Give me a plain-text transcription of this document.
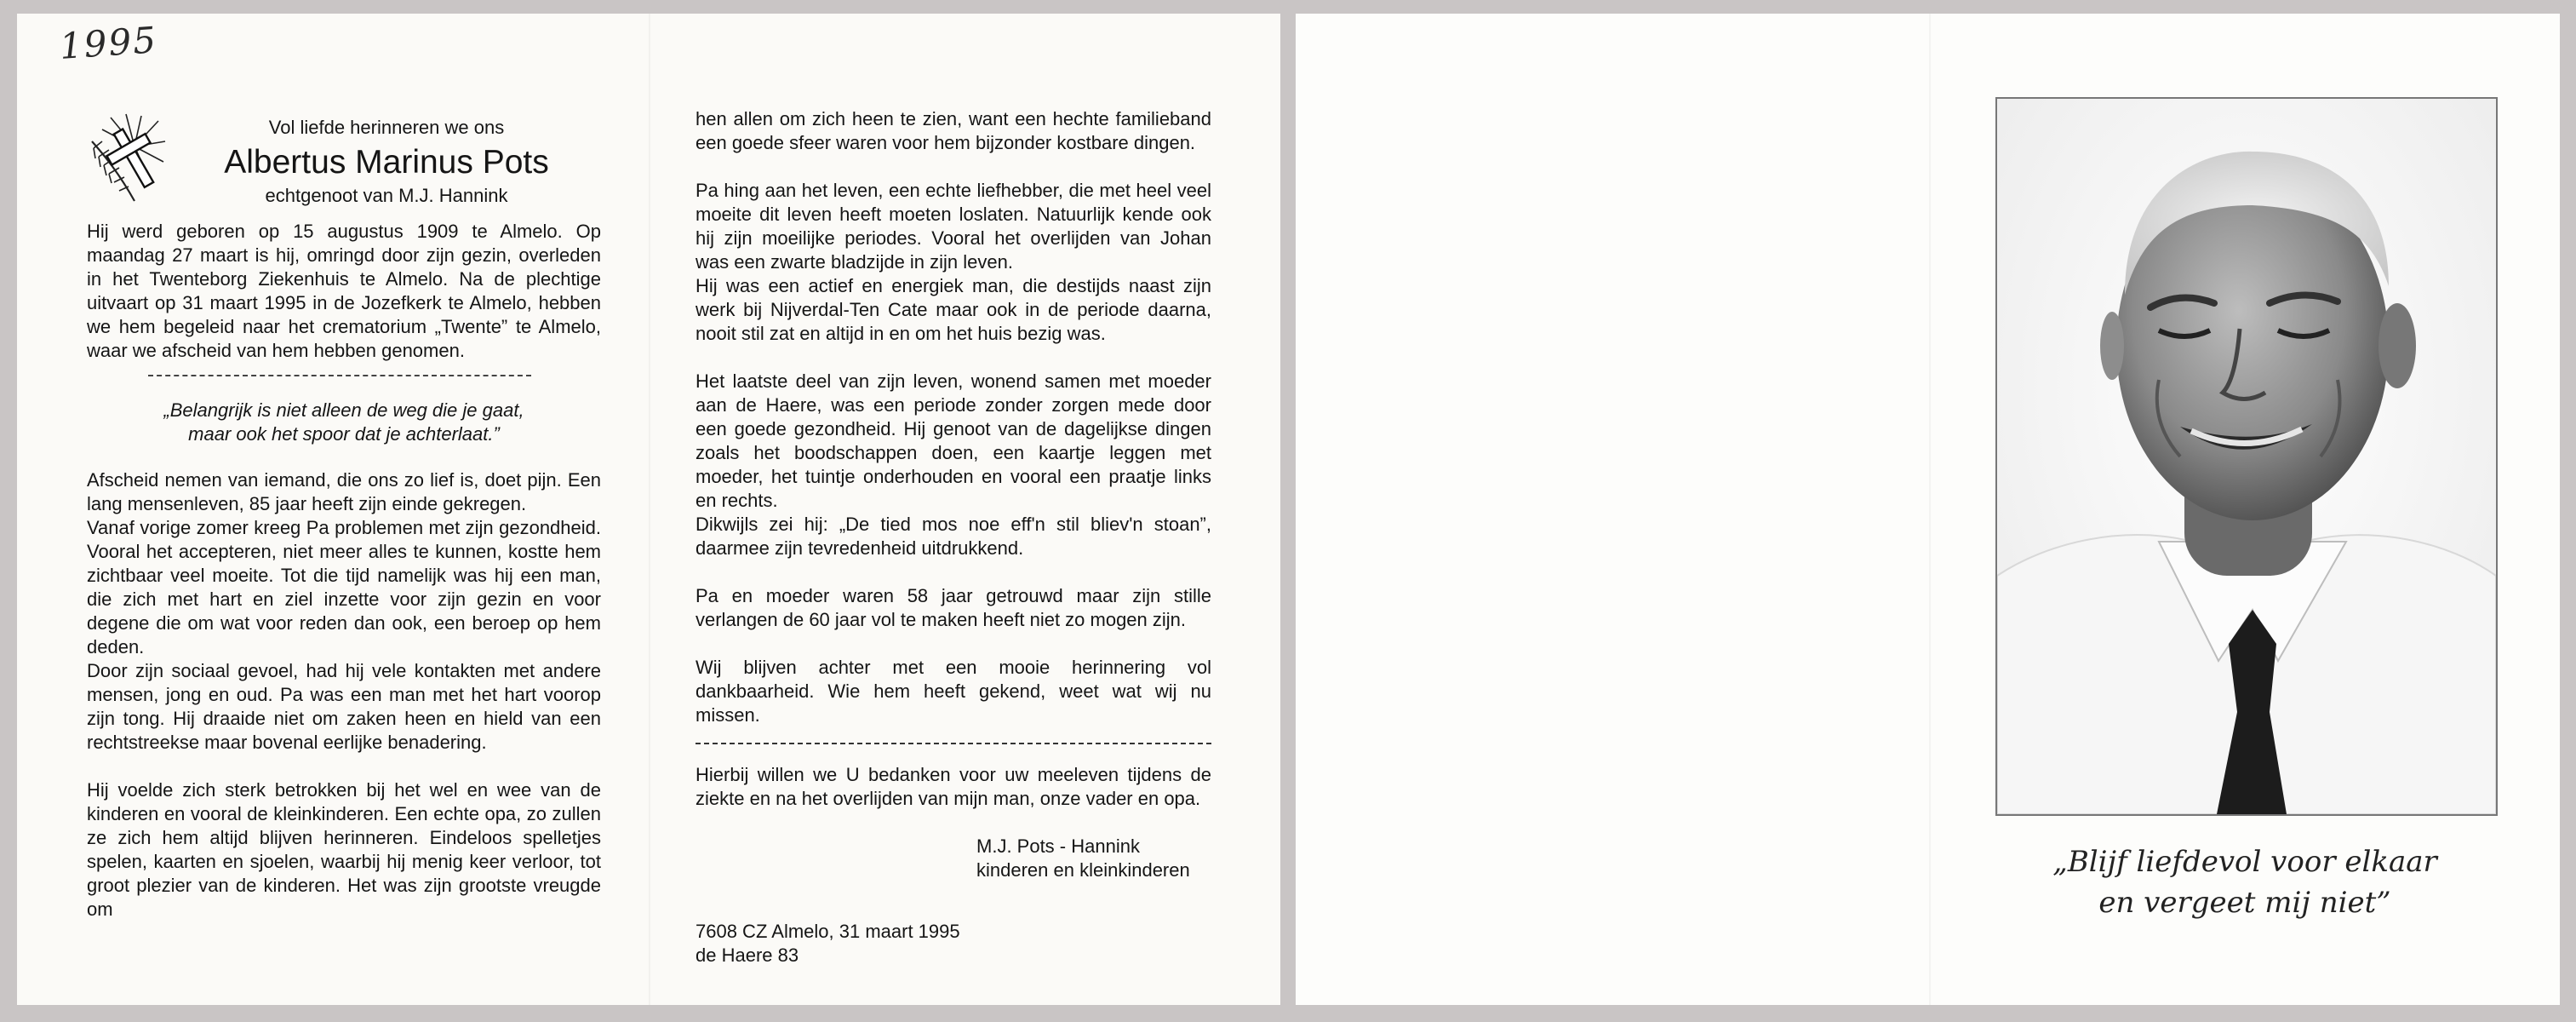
1995
Vol liefde herinneren we ons
Albertus Marinus Pots
echtgenoot van M.J. Hannink

Hij werd geboren op 15 augustus 1909 te Almelo. Op maandag 27 maart is hij, omringd door zijn gezin, overleden in het Twenteborg Ziekenhuis te Almelo. Na de plechtige uitvaart op 31 maart 1995 in de Jozefkerk te Almelo, hebben we hem begeleid naar het crematorium „Twente” te Almelo, waar we afscheid van hem hebben genomen.

„Belangrijk is niet alleen de weg die je gaat,
maar ook het spoor dat je achterlaat.”

Afscheid nemen van iemand, die ons zo lief is, doet pijn. Een lang mensenleven, 85 jaar heeft zijn einde gekregen.

Vanaf vorige zomer kreeg Pa problemen met zijn gezondheid. Vooral het accepteren, niet meer alles te kunnen, kostte hem zichtbaar veel moeite. Tot die tijd namelijk was hij een man, die zich met hart en ziel inzette voor zijn gezin en voor degene die om wat voor reden dan ook, een beroep op hem deden.

Door zijn sociaal gevoel, had hij vele kontakten met andere mensen, jong en oud. Pa was een man met het hart voorop zijn tong. Hij draaide niet om zaken heen en hield van een rechtstreekse maar bovenal eerlijke benadering.

Hij voelde zich sterk betrokken bij het wel en wee van de kinderen en vooral de kleinkinderen. Een echte opa, zo zullen ze zich hem altijd blijven herinneren. Eindeloos spelletjes spelen, kaarten en sjoelen, waarbij hij menig keer verloor, tot groot plezier van de kinderen. Het was zijn grootste vreugde om

hen allen om zich heen te zien, want een hechte familieband een goede sfeer waren voor hem bijzonder kostbare dingen.

Pa hing aan het leven, een echte liefhebber, die met heel veel moeite dit leven heeft moeten loslaten. Natuurlijk kende ook hij zijn moeilijke periodes. Vooral het overlijden van Johan was een zwarte bladzijde in zijn leven.

Hij was een actief en energiek man, die destijds naast zijn werk bij Nijverdal-Ten Cate maar ook in de periode daarna, nooit stil zat en altijd in en om het huis bezig was.

Het laatste deel van zijn leven, wonend samen met moeder aan de Haere, was een periode zonder zorgen mede door een goede gezondheid. Hij genoot van de dagelijkse dingen zoals het boodschappen doen, een kaartje leggen met moeder, het tuintje onderhouden en vooral een praatje links en rechts.

Dikwijls zei hij: „De tied mos noe eff'n stil bliev'n stoan”, daarmee zijn tevredenheid uitdrukkend.

Pa en moeder waren 58 jaar getrouwd maar zijn stille verlangen de 60 jaar vol te maken heeft niet zo mogen zijn.

Wij blijven achter met een mooie herinnering vol dankbaarheid. Wie hem heeft gekend, weet wat wij nu missen.

Hierbij willen we U bedanken voor uw meeleven tijdens de ziekte en na het overlijden van mijn man, onze vader en opa.

M.J. Pots - Hannink
kinderen en kleinkinderen
7608 CZ Almelo, 31 maart 1995
de Haere 83
„Blijf liefdevol voor elkaar
en vergeet mij niet”
